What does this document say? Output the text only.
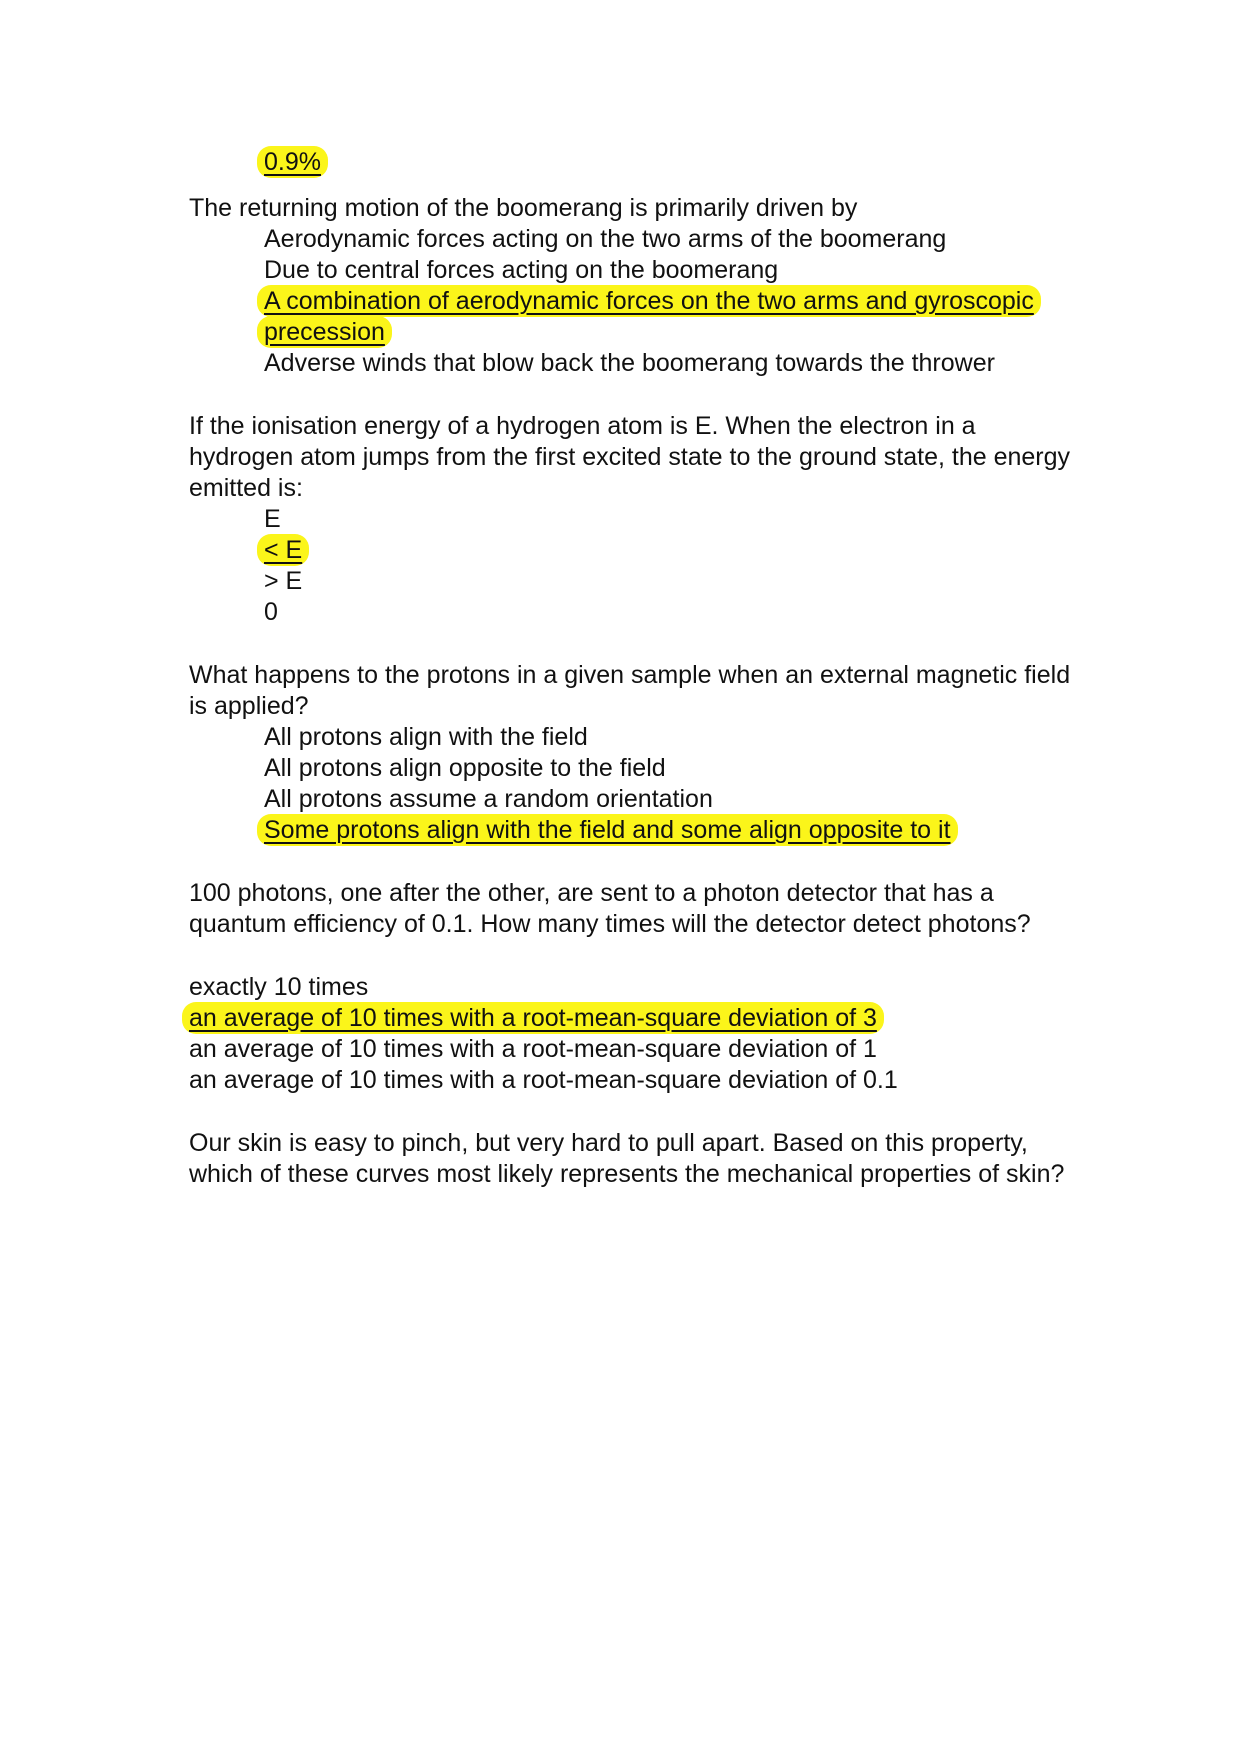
0.9%
The returning motion of the boomerang is primarily driven by
Aerodynamic forces acting on the two arms of the boomerang
Due to central forces acting on the boomerang
A combination of aerodynamic forces on the two arms and gyroscopic
precession
Adverse winds that blow back the boomerang towards the thrower
If the ionisation energy of a hydrogen atom is E. When the electron in a
hydrogen atom jumps from the first excited state to the ground state, the energy
emitted is:
E
< E
> E
0
What happens to the protons in a given sample when an external magnetic field
is applied?
All protons align with the field
All protons align opposite to the field
All protons assume a random orientation
Some protons align with the field and some align opposite to it
100 photons, one after the other, are sent to a photon detector that has a
quantum efficiency of 0.1. How many times will the detector detect photons?
exactly 10 times
an average of 10 times with a root-mean-square deviation of 3
an average of 10 times with a root-mean-square deviation of 1
an average of 10 times with a root-mean-square deviation of 0.1
Our skin is easy to pinch, but very hard to pull apart. Based on this property,
which of these curves most likely represents the mechanical properties of skin?
